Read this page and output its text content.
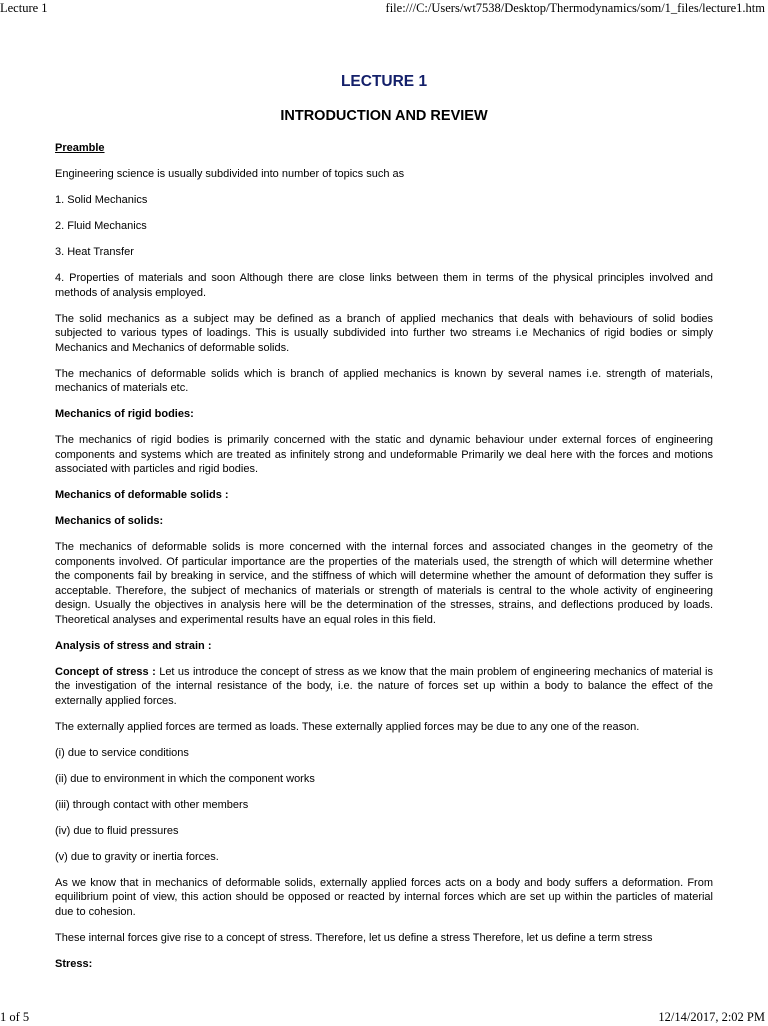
Lecture 1	file:///C:/Users/wt7538/Desktop/Thermodynamics/som/1_files/lecture1.htm
LECTURE 1
INTRODUCTION AND REVIEW

Preamble

Engineering science is usually subdivided into number of topics such as

1. Solid Mechanics

2. Fluid Mechanics

3. Heat Transfer

4. Properties of materials and soon Although there are close links between them in terms of the physical principles involved and methods of analysis employed.

The solid mechanics as a subject may be defined as a branch of applied mechanics that deals with behaviours of solid bodies subjected to various types of loadings. This is usually subdivided into further two streams i.e Mechanics of rigid bodies or simply Mechanics and Mechanics of deformable solids.

The mechanics of deformable solids which is branch of applied mechanics is known by several names i.e. strength of materials, mechanics of materials etc.

Mechanics of rigid bodies:

The mechanics of rigid bodies is primarily concerned with the static and dynamic behaviour under external forces of engineering components and systems which are treated as infinitely strong and undeformable Primarily we deal here with the forces and motions associated with particles and rigid bodies.

Mechanics of deformable solids :

Mechanics of solids:

The mechanics of deformable solids is more concerned with the internal forces and associated changes in the geometry of the components involved. Of particular importance are the properties of the materials used, the strength of which will determine whether the components fail by breaking in service, and the stiffness of which will determine whether the amount of deformation they suffer is acceptable. Therefore, the subject of mechanics of materials or strength of materials is central to the whole activity of engineering design. Usually the objectives in analysis here will be the determination of the stresses, strains, and deflections produced by loads. Theoretical analyses and experimental results have an equal roles in this field.

Analysis of stress and strain :

Concept of stress : Let us introduce the concept of stress as we know that the main problem of engineering mechanics of material is the investigation of the internal resistance of the body, i.e. the nature of forces set up within a body to balance the effect of the externally applied forces.

The externally applied forces are termed as loads. These externally applied forces may be due to any one of the reason.

(i) due to service conditions

(ii) due to environment in which the component works

(iii) through contact with other members

(iv) due to fluid pressures

(v) due to gravity or inertia forces.

As we know that in mechanics of deformable solids, externally applied forces acts on a body and body suffers a deformation. From equilibrium point of view, this action should be opposed or reacted by internal forces which are set up within the particles of material due to cohesion.

These internal forces give rise to a concept of stress. Therefore, let us define a stress Therefore, let us define a term stress

Stress:

1 of 5	12/14/2017, 2:02 PM
